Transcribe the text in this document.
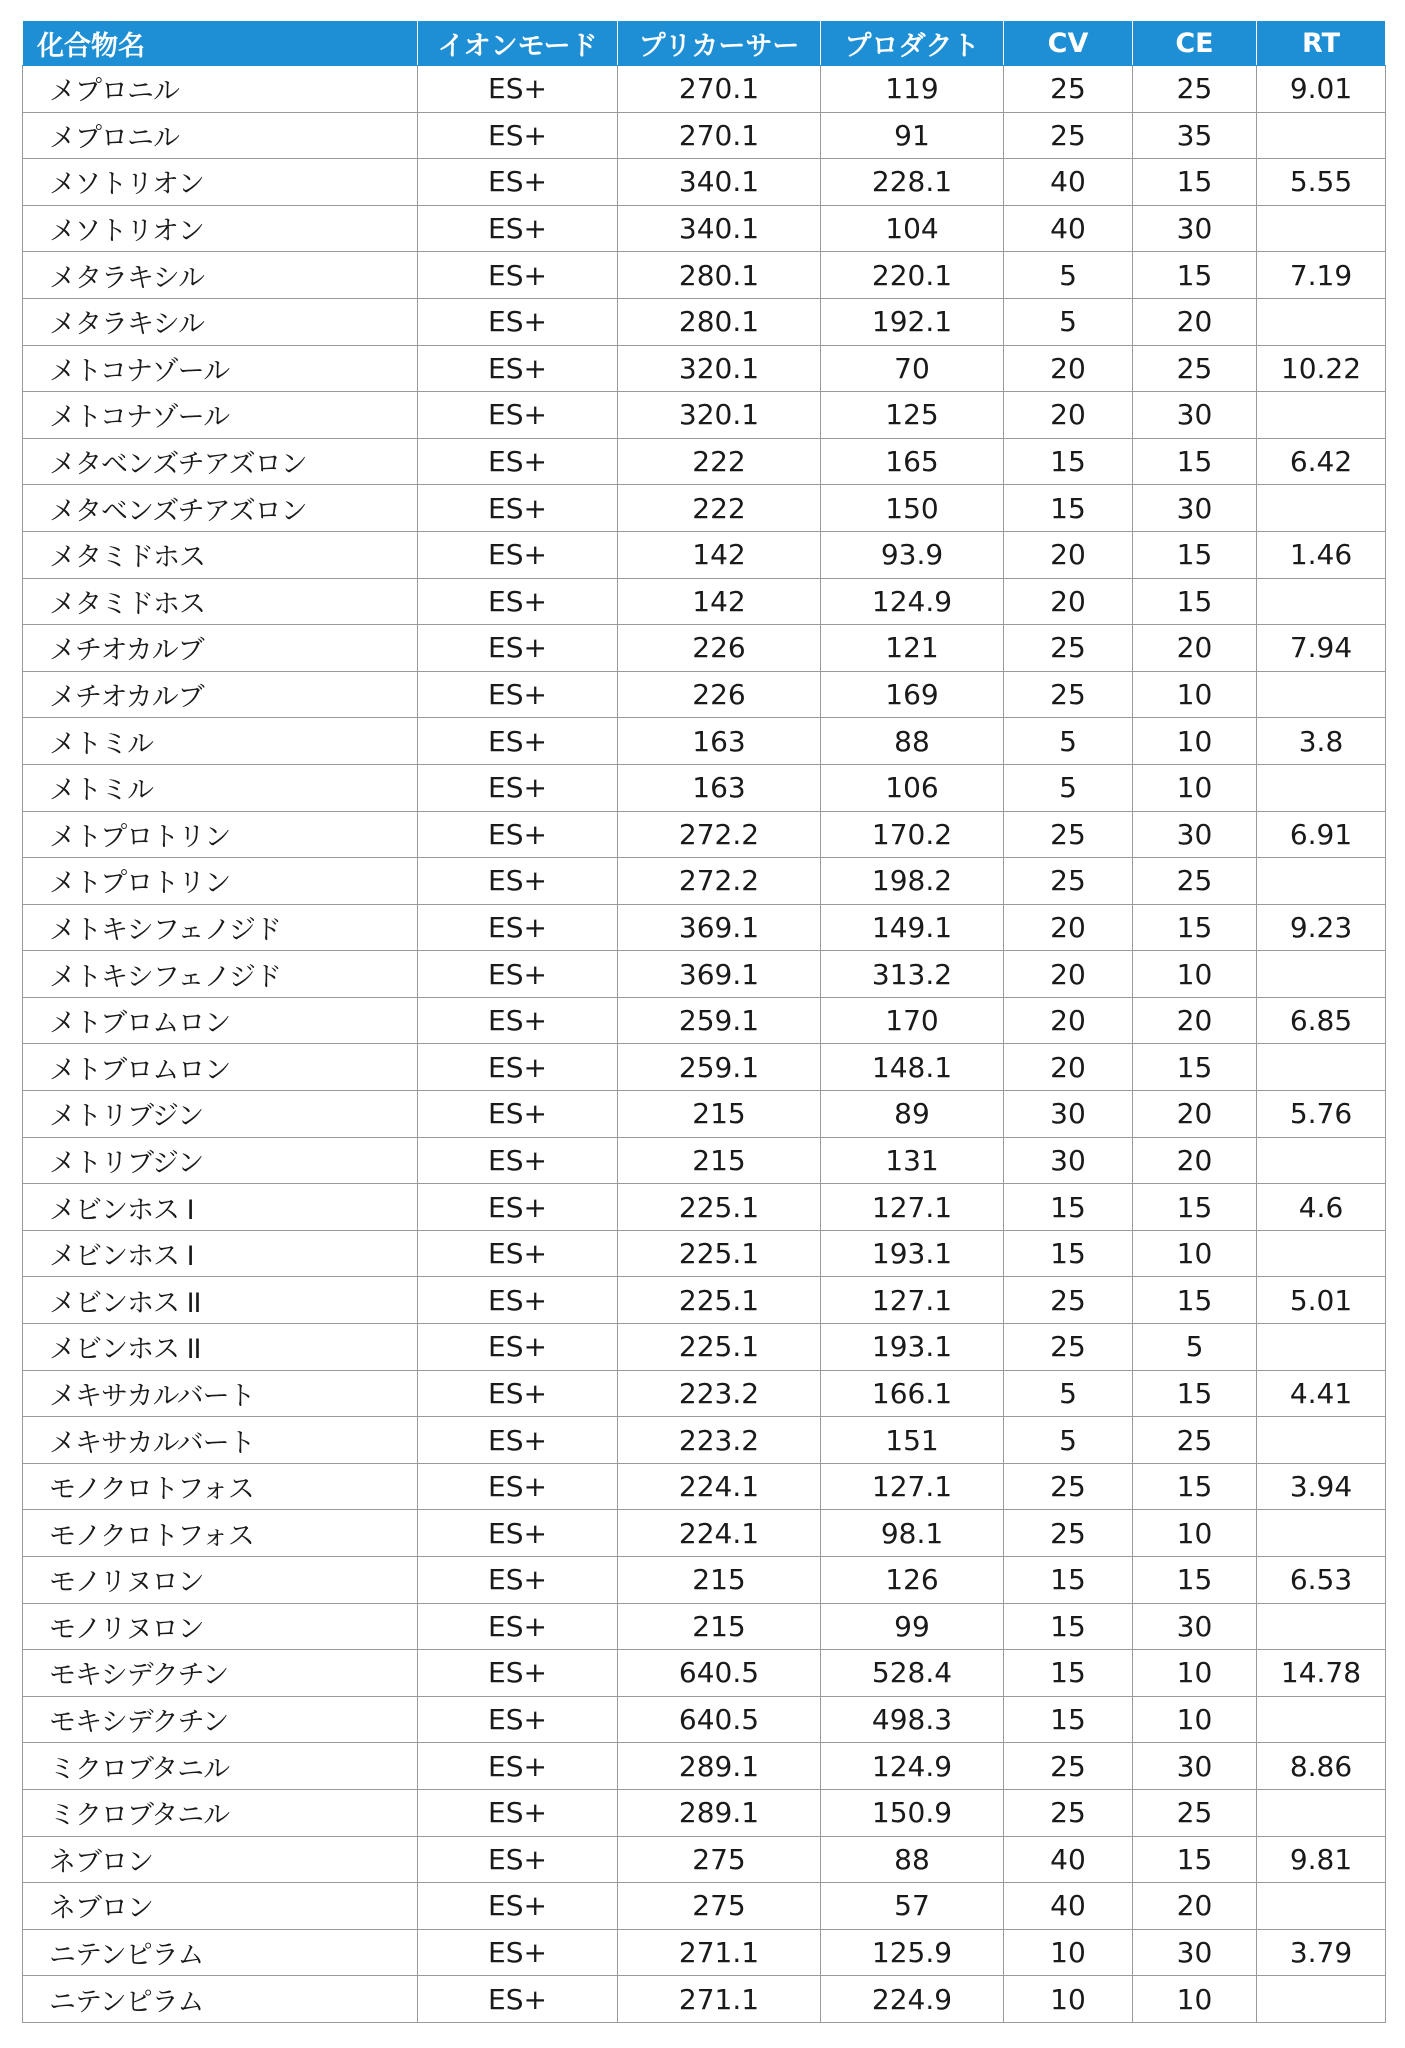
化合物名	イオンモード	プリカーサー	プロダクト	CV	CE	RT
メプロニル	ES+	270.1	119	25	25	9.01
メプロニル	ES+	270.1	91	25	35	
メソトリオン	ES+	340.1	228.1	40	15	5.55
メソトリオン	ES+	340.1	104	40	30	
メタラキシル	ES+	280.1	220.1	5	15	7.19
メタラキシル	ES+	280.1	192.1	5	20	
メトコナゾール	ES+	320.1	70	20	25	10.22
メトコナゾール	ES+	320.1	125	20	30	
メタベンズチアズロン	ES+	222	165	15	15	6.42
メタベンズチアズロン	ES+	222	150	15	30	
メタミドホス	ES+	142	93.9	20	15	1.46
メタミドホス	ES+	142	124.9	20	15	
メチオカルブ	ES+	226	121	25	20	7.94
メチオカルブ	ES+	226	169	25	10	
メトミル	ES+	163	88	5	10	3.8
メトミル	ES+	163	106	5	10	
メトプロトリン	ES+	272.2	170.2	25	30	6.91
メトプロトリン	ES+	272.2	198.2	25	25	
メトキシフェノジド	ES+	369.1	149.1	20	15	9.23
メトキシフェノジド	ES+	369.1	313.2	20	10	
メトブロムロン	ES+	259.1	170	20	20	6.85
メトブロムロン	ES+	259.1	148.1	20	15	
メトリブジン	ES+	215	89	30	20	5.76
メトリブジン	ES+	215	131	30	20	
メビンホス I	ES+	225.1	127.1	15	15	4.6
メビンホス I	ES+	225.1	193.1	15	10	
メビンホス II	ES+	225.1	127.1	25	15	5.01
メビンホス II	ES+	225.1	193.1	25	5	
メキサカルバート	ES+	223.2	166.1	5	15	4.41
メキサカルバート	ES+	223.2	151	5	25	
モノクロトフォス	ES+	224.1	127.1	25	15	3.94
モノクロトフォス	ES+	224.1	98.1	25	10	
モノリヌロン	ES+	215	126	15	15	6.53
モノリヌロン	ES+	215	99	15	30	
モキシデクチン	ES+	640.5	528.4	15	10	14.78
モキシデクチン	ES+	640.5	498.3	15	10	
ミクロブタニル	ES+	289.1	124.9	25	30	8.86
ミクロブタニル	ES+	289.1	150.9	25	25	
ネブロン	ES+	275	88	40	15	9.81
ネブロン	ES+	275	57	40	20	
ニテンピラム	ES+	271.1	125.9	10	30	3.79
ニテンピラム	ES+	271.1	224.9	10	10	
